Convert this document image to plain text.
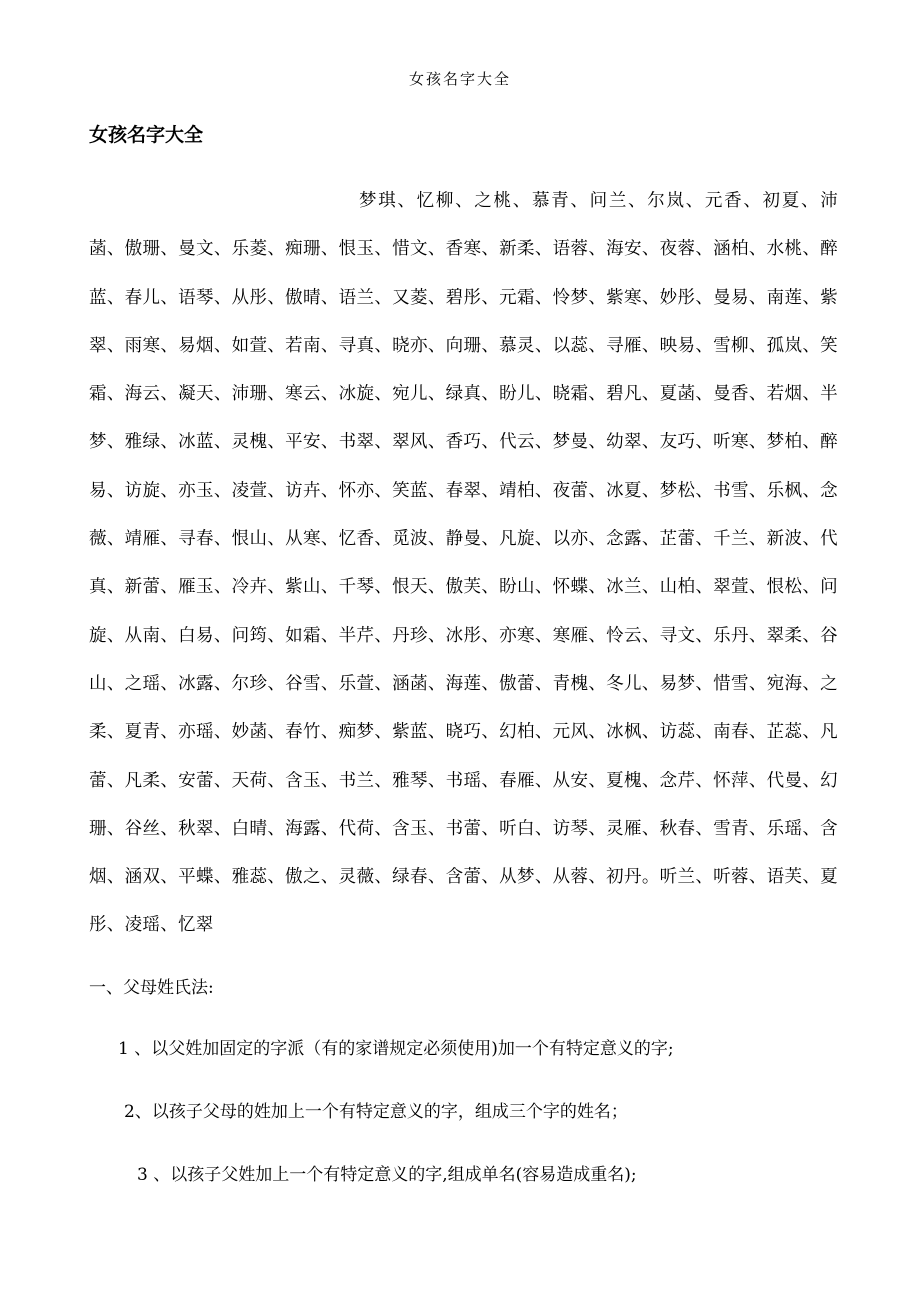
女孩名字大全
女孩名字大全
梦琪、忆柳、之桃、慕青、问兰、尔岚、元香、初夏、沛菡、傲珊、曼文、乐菱、痴珊、恨玉、惜文、香寒、新柔、语蓉、海安、夜蓉、涵柏、水桃、醉蓝、春儿、语琴、从彤、傲晴、语兰、又菱、碧彤、元霜、怜梦、紫寒、妙彤、曼易、南莲、紫翠、雨寒、易烟、如萱、若南、寻真、晓亦、向珊、慕灵、以蕊、寻雁、映易、雪柳、孤岚、笑霜、海云、凝天、沛珊、寒云、冰旋、宛儿、绿真、盼儿、晓霜、碧凡、夏菡、曼香、若烟、半梦、雅绿、冰蓝、灵槐、平安、书翠、翠风、香巧、代云、梦曼、幼翠、友巧、听寒、梦柏、醉易、访旋、亦玉、凌萱、访卉、怀亦、笑蓝、春翠、靖柏、夜蕾、冰夏、梦松、书雪、乐枫、念薇、靖雁、寻春、恨山、从寒、忆香、觅波、静曼、凡旋、以亦、念露、芷蕾、千兰、新波、代真、新蕾、雁玉、冷卉、紫山、千琴、恨天、傲芙、盼山、怀蝶、冰兰、山柏、翠萱、恨松、问旋、从南、白易、问筠、如霜、半芹、丹珍、冰彤、亦寒、寒雁、怜云、寻文、乐丹、翠柔、谷山、之瑶、冰露、尔珍、谷雪、乐萱、涵菡、海莲、傲蕾、青槐、冬儿、易梦、惜雪、宛海、之柔、夏青、亦瑶、妙菡、春竹、痴梦、紫蓝、晓巧、幻柏、元风、冰枫、访蕊、南春、芷蕊、凡蕾、凡柔、安蕾、天荷、含玉、书兰、雅琴、书瑶、春雁、从安、夏槐、念芹、怀萍、代曼、幻珊、谷丝、秋翠、白晴、海露、代荷、含玉、书蕾、听白、访琴、灵雁、秋春、雪青、乐瑶、含烟、涵双、平蝶、雅蕊、傲之、灵薇、绿春、含蕾、从梦、从蓉、初丹。听兰、听蓉、语芙、夏彤、凌瑶、忆翠
一、父母姓氏法:
1 、以父姓加固定的字派（有的家谱规定必须使用)加一个有特定意义的字;
2、以孩子父母的姓加上一个有特定意义的字，组成三个字的姓名；
3 、以孩子父姓加上一个有特定意义的字,组成单名(容易造成重名);
